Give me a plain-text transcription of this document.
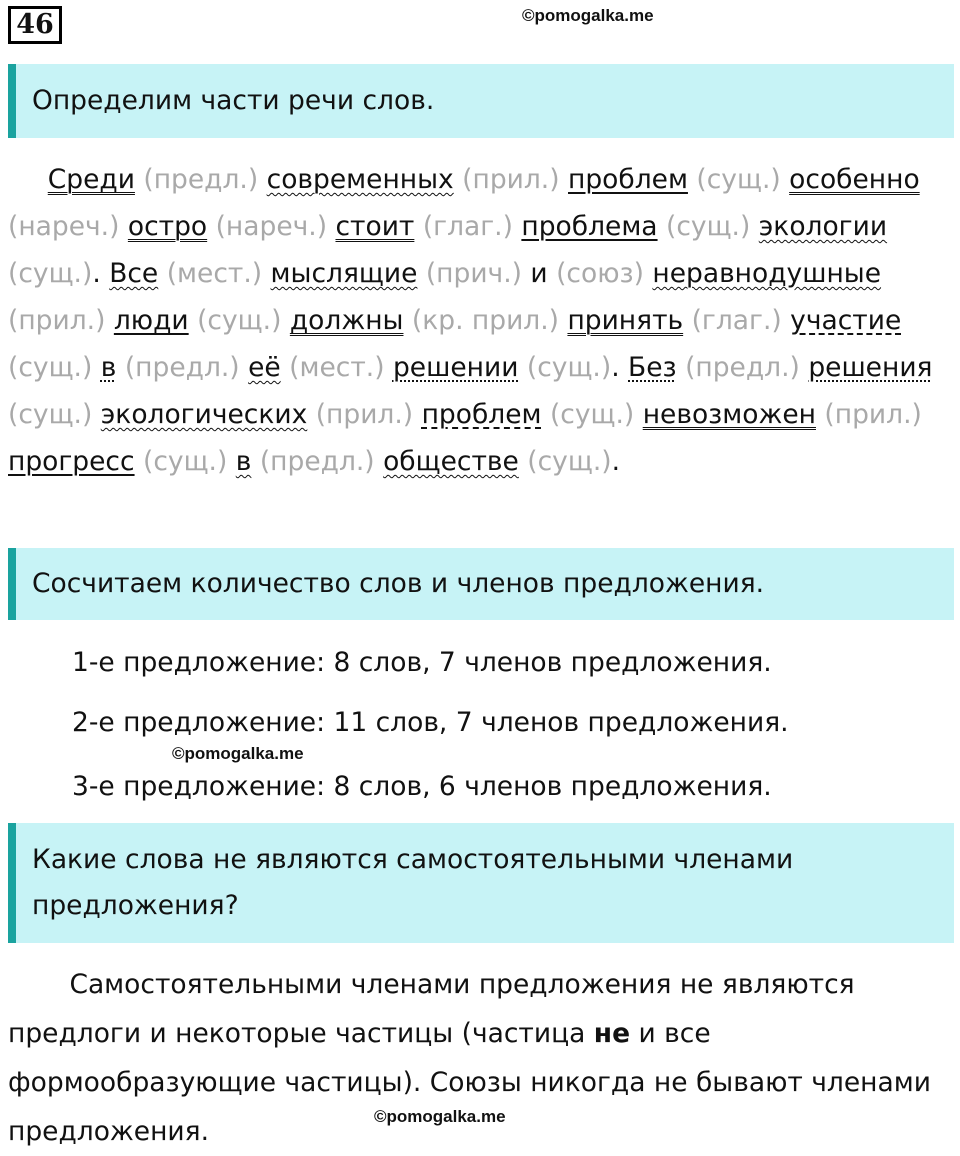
46	©pomogalka.me
Определим части речи слов.

  Среди (предл.) современных (прил.) проблем (сущ.) особенно (нареч.) остро (нареч.) стоит (глаг.) проблема (сущ.) экологии (сущ.). Все (мест.) мыслящие (прич.) и (союз) неравнодушные (прил.) люди (сущ.) должны (кр. прил.) принять (глаг.) участие (сущ.) в (предл.) её (мест.) решении (сущ.). Без (предл.) решения (сущ.) экологических (прил.) проблем (сущ.) невозможен (прил.) прогресс (сущ.) в (предл.) обществе (сущ.).

Сосчитаем количество слов и членов предложения.

1-е предложение: 8 слов, 7 членов предложения.

2-е предложение: 11 слов, 7 членов предложения.

©pomogalka.me

3-е предложение: 8 слов, 6 членов предложения.

Какие слова не являются самостоятельными членами предложения?

   Самостоятельными членами предложения не являются предлоги и некоторые частицы (частица не и все формообразующие частицы). Союзы никогда не бывают членами предложения.	©pomogalka.me
